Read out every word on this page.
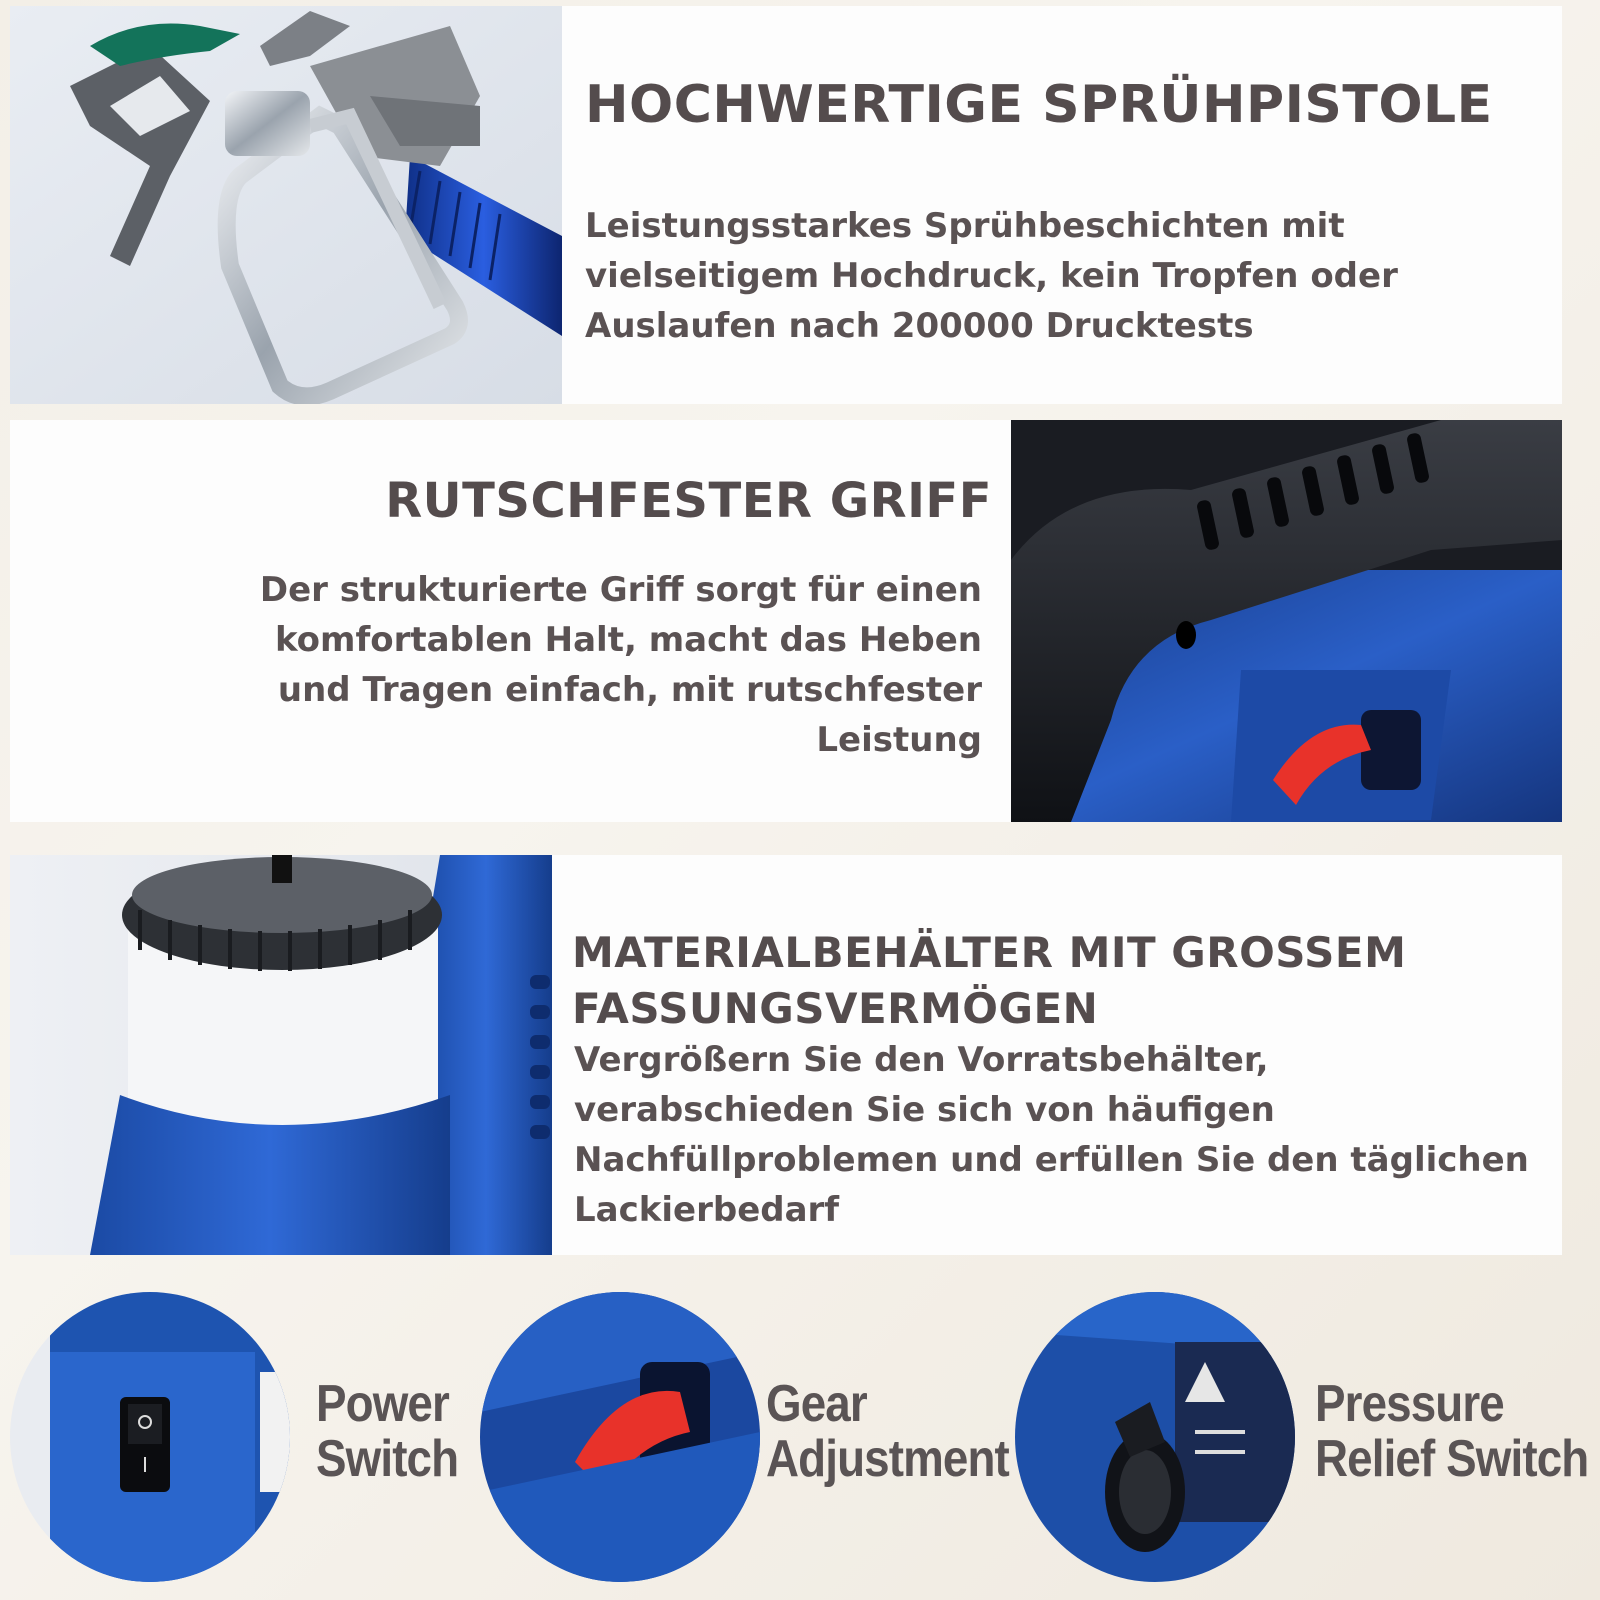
HOCHWERTIGE SPRÜHPISTOLE
Leistungsstarkes Sprühbeschichten mit vielseitigem Hochdruck, kein Tropfen oder Auslaufen nach 200000 Drucktests
RUTSCHFESTER GRIFF
Der strukturierte Griff sorgt für einen komfortablen Halt, macht das Heben und Tragen einfach, mit rutschfester Leistung
MATERIALBEHÄLTER MIT GROSSEM FASSUNGSVERMÖGEN
Vergrößern Sie den Vorratsbehälter, verabschieden Sie sich von häufigen Nachfüllproblemen und erfüllen Sie den täglichen Lackierbedarf
Power Switch
Gear Adjustment
Pressure Relief Switch
